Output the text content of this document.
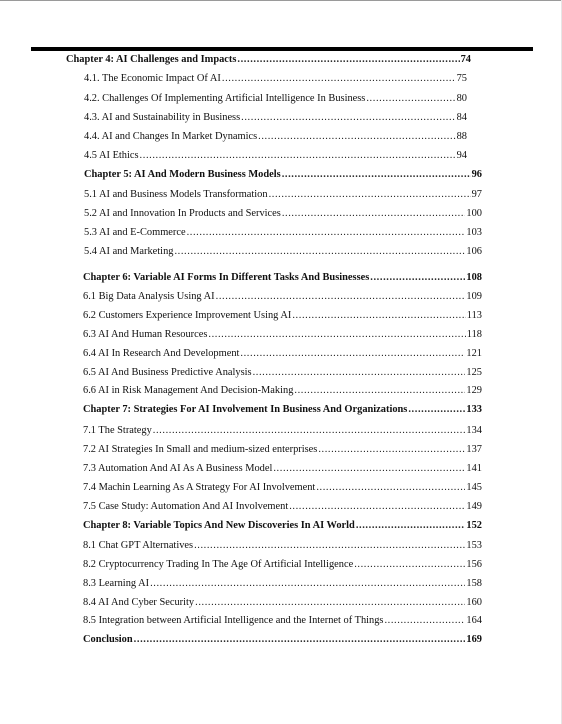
Chapter 4: AI Challenges and Impacts .....	74
4.1. The Economic Impact Of AI .....	75
4.2. Challenges Of Implementing Artificial Intelligence In Business .....	80
4.3. AI and Sustainability in Business .....	84
4.4. AI and Changes In Market Dynamics .....	88
4.5 AI Ethics .....	94
Chapter 5: AI And Modern Business Models .....	96
5.1 AI and Business Models Transformation .....	97
5.2 AI and Innovation In Products and Services .....	100
5.3 AI and E-Commerce .....	103
5.4 AI and Marketing .....	106
Chapter 6: Variable AI Forms In Different Tasks And Businesses .....	108
6.1 Big Data Analysis Using AI .....	109
6.2 Customers Experience Improvement Using AI .....	113
6.3 AI And Human Resources .....	118
6.4 AI In Research And Development .....	121
6.5 AI And Business Predictive Analysis .....	125
6.6 AI in Risk Management And Decision-Making .....	129
Chapter 7: Strategies For AI Involvement In Business And Organizations .....	133
7.1 The Strategy .....	134
7.2 AI Strategies In Small and medium-sized enterprises .....	137
7.3 Automation And AI As A Business Model .....	141
7.4 Machin Learning As A Strategy For AI Involvement .....	145
7.5 Case Study: Automation And AI Involvement .....	149
Chapter 8: Variable Topics And New Discoveries In AI World .....	152
8.1 Chat GPT Alternatives .....	153
8.2 Cryptocurrency Trading In The Age Of Artificial Intelligence .....	156
8.3 Learning AI .....	158
8.4 AI And Cyber Security .....	160
8.5 Integration between Artificial Intelligence and the Internet of Things .....	164
Conclusion .....	169
